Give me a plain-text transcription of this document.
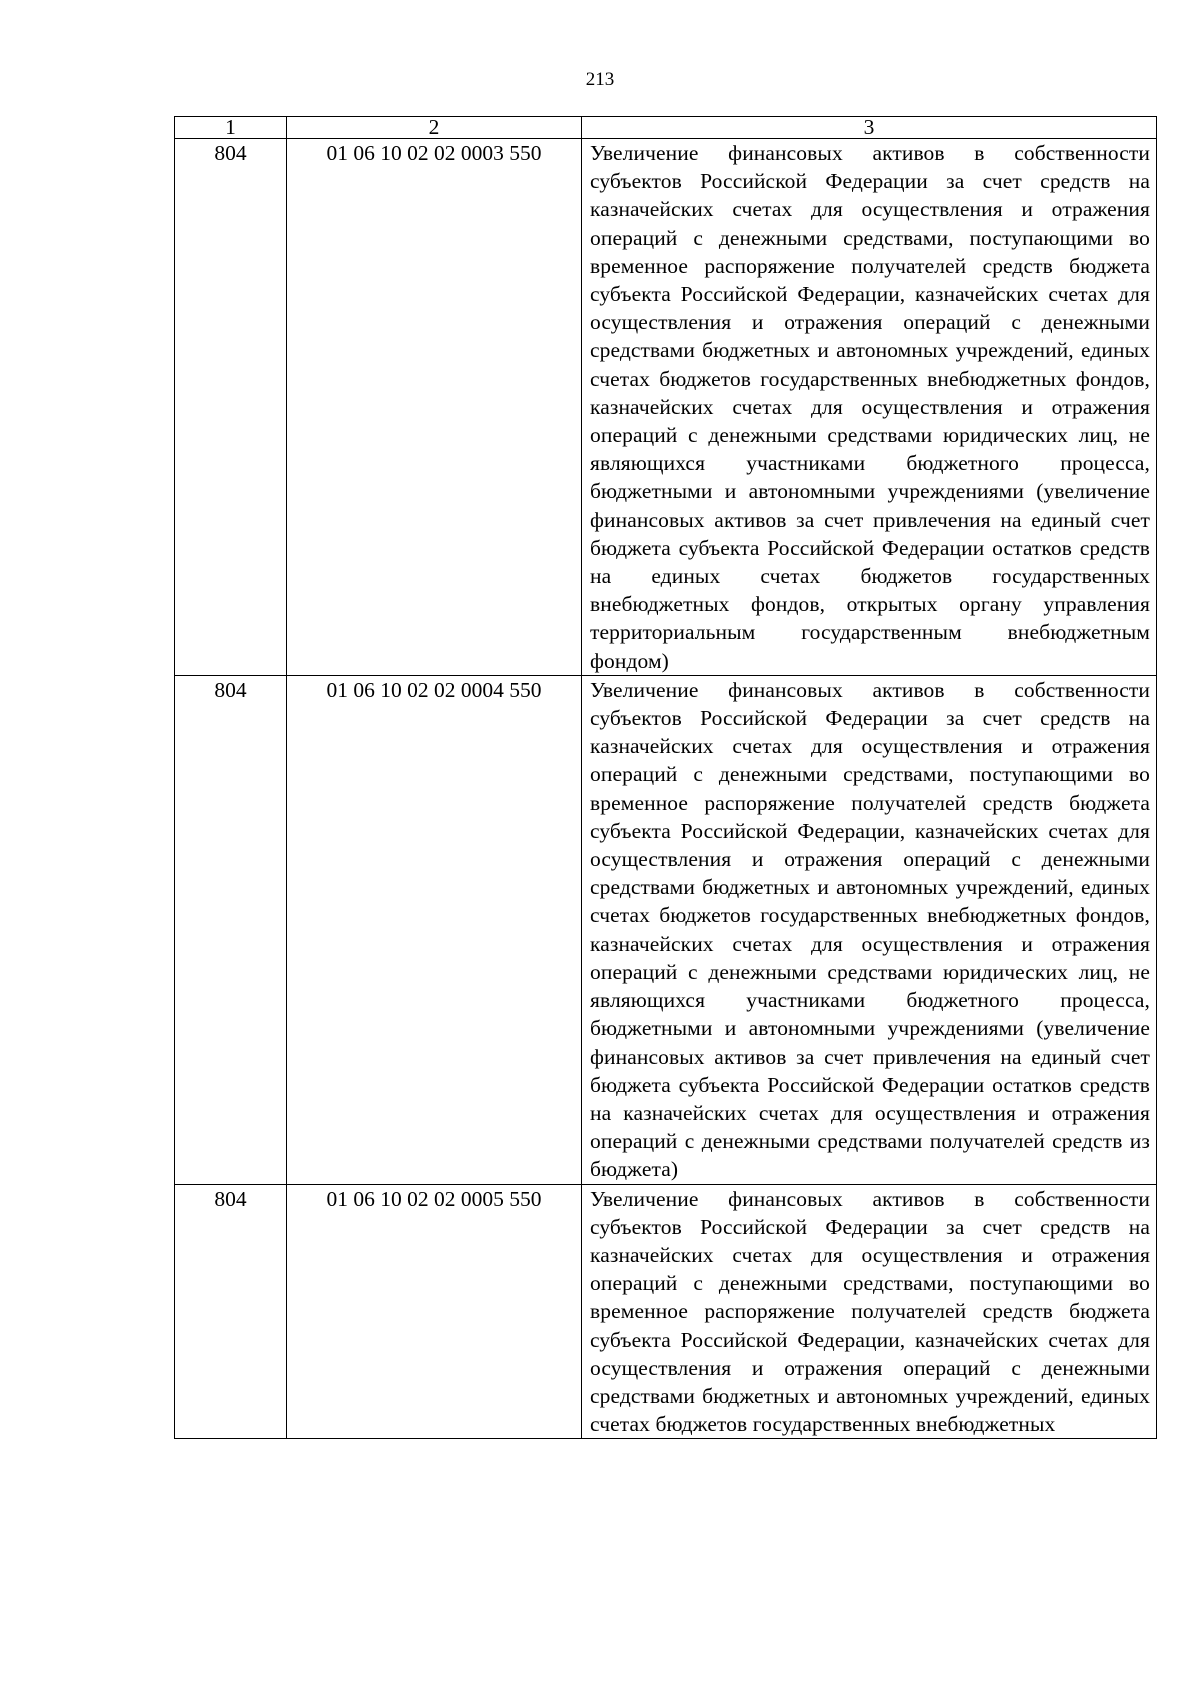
213
1	2	3
804	01 06 10 02 02 0003 550	Увеличение финансовых активов в собственности субъектов Российской Федерации за счет средств на казначейских счетах для осуществления и отражения операций с денежными средствами, поступающими во временное распоряжение получателей средств бюджета субъекта Российской Федерации, казначейских счетах для осуществления и отражения операций с денежными средствами бюджетных и автономных учреждений, единых счетах бюджетов государственных внебюджетных фондов, казначейских счетах для осуществления и отражения операций с денежными средствами юридических лиц, не являющихся участниками бюджетного процесса, бюджетными и автономными учреждениями (увеличение финансовых активов за счет привлечения на единый счет бюджета субъекта Российской Федерации остатков средств на единых счетах бюджетов государственных внебюджетных фондов, открытых органу управления территориальным государственным внебюджетным фондом)

804	01 06 10 02 02 0004 550	Увеличение финансовых активов в собственности субъектов Российской Федерации за счет средств на казначейских счетах для осуществления и отражения операций с денежными средствами, поступающими во временное распоряжение получателей средств бюджета субъекта Российской Федерации, казначейских счетах для осуществления и отражения операций с денежными средствами бюджетных и автономных учреждений, единых счетах бюджетов государственных внебюджетных фондов, казначейских счетах для осуществления и отражения операций с денежными средствами юридических лиц, не являющихся участниками бюджетного процесса, бюджетными и автономными учреждениями (увеличение финансовых активов за счет привлечения на единый счет бюджета субъекта Российской Федерации остатков средств на казначейских счетах для осуществления и отражения операций с денежными средствами получателей средств из бюджета)

804	01 06 10 02 02 0005 550	Увеличение финансовых активов в собственности субъектов Российской Федерации за счет средств на казначейских счетах для осуществления и отражения операций с денежными средствами, поступающими во временное распоряжение получателей средств бюджета субъекта Российской Федерации, казначейских счетах для осуществления и отражения операций с денежными средствами бюджетных и автономных учреждений, единых счетах бюджетов государственных внебюджетных
